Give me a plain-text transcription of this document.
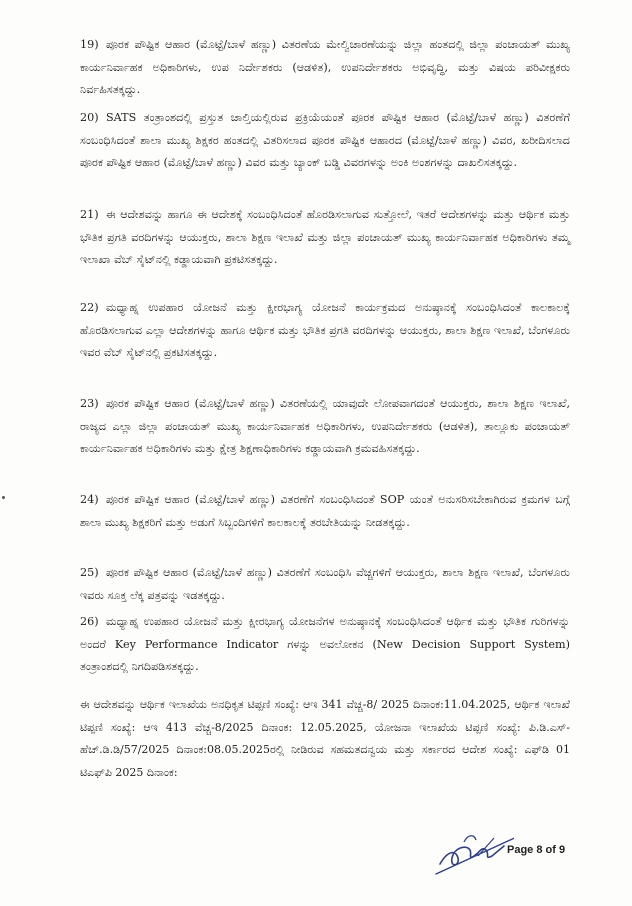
19) ಪೂರಕ ಪೌಷ್ಟಿಕ ಆಹಾರ (ಮೊಟ್ಟೆ/ಬಾಳೆ ಹಣ್ಣು) ವಿತರಣೆಯ ಮೇಲ್ವಿಚಾರಣೆಯನ್ನು ಜಿಲ್ಲಾ ಹಂತದಲ್ಲಿ ಜಿಲ್ಲಾ ಪಂಚಾಯತ್ ಮುಖ್ಯ ಕಾರ್ಯನಿರ್ವಾಹಕ ಅಧಿಕಾರಿಗಳು, ಉಪ ನಿರ್ದೇಶಕರು (ಆಡಳಿತ), ಉಪನಿರ್ದೇಶಕರು ಅಭಿವೃದ್ಧಿ, ಮತ್ತು ವಿಷಯ ಪರಿವೀಕ್ಷಕರು ನಿರ್ವಹಿಸತಕ್ಕದ್ದು.
20) SATS ತಂತ್ರಾಂಶದಲ್ಲಿ ಪ್ರಸ್ತುತ ಚಾಲ್ತಿಯಲ್ಲಿರುವ ಪ್ರಕ್ರಿಯೆಯಂತೆ ಪೂರಕ ಪೌಷ್ಟಿಕ ಆಹಾರ (ಮೊಟ್ಟೆ/ಬಾಳೆ ಹಣ್ಣು) ವಿತರಣೆಗೆ ಸಂಬಂಧಿಸಿದಂತೆ ಶಾಲಾ ಮುಖ್ಯ ಶಿಕ್ಷಕರ ಹಂತದಲ್ಲಿ ವಿತರಿಸಲಾದ ಪೂರಕ ಪೌಷ್ಟಿಕ ಆಹಾರದ (ಮೊಟ್ಟೆ/ಬಾಳೆ ಹಣ್ಣು) ವಿವರ, ಖರೀದಿಸಲಾದ ಪೂರಕ ಪೌಷ್ಟಿಕ ಆಹಾರ (ಮೊಟ್ಟೆ/ಬಾಳೆ ಹಣ್ಣು) ವಿವರ ಮತ್ತು ಬ್ಯಾಂಕ್ ಬಡ್ಡಿ ವಿವರಗಳನ್ನು ಅಂಕಿ ಅಂಶಗಳನ್ನು ದಾಖಲಿಸತಕ್ಕದ್ದು.
21) ಈ ಆದೇಶವನ್ನು ಹಾಗೂ ಈ ಆದೇಶಕ್ಕೆ ಸಂಬಂಧಿಸಿದಂತೆ ಹೊರಡಿಸಲಾಗುವ ಸುತ್ತೋಲೆ, ಇತರೆ ಆದೇಶಗಳನ್ನು ಮತ್ತು ಆರ್ಥಿಕ ಮತ್ತು ಭೌತಿಕ ಪ್ರಗತಿ ವರದಿಗಳನ್ನು ಆಯುಕ್ತರು, ಶಾಲಾ ಶಿಕ್ಷಣ ಇಲಾಖೆ ಮತ್ತು ಜಿಲ್ಲಾ ಪಂಚಾಯತ್ ಮುಖ್ಯ ಕಾರ್ಯನಿರ್ವಾಹಕ ಅಧಿಕಾರಿಗಳು ತಮ್ಮ ಇಲಾಖಾ ವೆಬ್ ಸೈಟ್‌ನಲ್ಲಿ ಕಡ್ಡಾಯವಾಗಿ ಪ್ರಕಟಿಸತಕ್ಕದ್ದು.
22) ಮಧ್ಯಾಹ್ನ ಉಪಹಾರ ಯೋಜನೆ ಮತ್ತು ಕ್ಷೀರಭಾಗ್ಯ ಯೋಜನೆ ಕಾರ್ಯಕ್ರಮದ ಅನುಷ್ಠಾನಕ್ಕೆ ಸಂಬಂಧಿಸಿದಂತೆ ಕಾಲಕಾಲಕ್ಕೆ ಹೊರಡಿಸಲಾಗುವ ಎಲ್ಲಾ ಆದೇಶಗಳನ್ನು ಹಾಗೂ ಆರ್ಥಿಕ ಮತ್ತು ಭೌತಿಕ ಪ್ರಗತಿ ವರದಿಗಳನ್ನು ಆಯುಕ್ತರು, ಶಾಲಾ ಶಿಕ್ಷಣ ಇಲಾಖೆ, ಬೆಂಗಳೂರು ಇವರ ವೆಬ್ ಸೈಟ್‌ನಲ್ಲಿ ಪ್ರಕಟಿಸತಕ್ಕದ್ದು.
23) ಪೂರಕ ಪೌಷ್ಟಿಕ ಆಹಾರ (ಮೊಟ್ಟೆ/ಬಾಳೆ ಹಣ್ಣು) ವಿತರಣೆಯಲ್ಲಿ ಯಾವುದೇ ಲೋಪವಾಗದಂತೆ ಆಯುಕ್ತರು, ಶಾಲಾ ಶಿಕ್ಷಣ ಇಲಾಖೆ, ರಾಜ್ಯದ ಎಲ್ಲಾ ಜಿಲ್ಲಾ ಪಂಚಾಯತ್ ಮುಖ್ಯ ಕಾರ್ಯನಿರ್ವಾಹಕ ಅಧಿಕಾರಿಗಳು, ಉಪನಿರ್ದೇಶಕರು (ಆಡಳಿತ), ತಾಲ್ಲೂಕು ಪಂಚಾಯತ್ ಕಾರ್ಯನಿರ್ವಾಹಕ ಅಧಿಕಾರಿಗಳು ಮತ್ತು ಕ್ಷೇತ್ರ ಶಿಕ್ಷಣಾಧಿಕಾರಿಗಳು ಕಡ್ಡಾಯವಾಗಿ ಕ್ರಮವಹಿಸತಕ್ಕದ್ದು.
24) ಪೂರಕ ಪೌಷ್ಟಿಕ ಆಹಾರ (ಮೊಟ್ಟೆ/ಬಾಳೆ ಹಣ್ಣು) ವಿತರಣೆಗೆ ಸಂಬಂಧಿಸಿದಂತೆ SOP ಯಂತೆ ಅನುಸರಿಸಬೇಕಾಗಿರುವ ಕ್ರಮಗಳ ಬಗ್ಗೆ ಶಾಲಾ ಮುಖ್ಯ ಶಿಕ್ಷಕರಿಗೆ ಮತ್ತು ಅಡುಗೆ ಸಿಬ್ಬಂದಿಗಳಿಗೆ ಕಾಲಕಾಲಕ್ಕೆ ತರಬೇತಿಯನ್ನು ನೀಡತಕ್ಕದ್ದು.
25) ಪೂರಕ ಪೌಷ್ಟಿಕ ಆಹಾರ (ಮೊಟ್ಟೆ/ಬಾಳೆ ಹಣ್ಣು) ವಿತರಣೆಗೆ ಸಂಬಂಧಿಸಿ ವೆಚ್ಚಗಳಿಗೆ ಆಯುಕ್ತರು, ಶಾಲಾ ಶಿಕ್ಷಣ ಇಲಾಖೆ, ಬೆಂಗಳೂರು ಇವರು ಸೂಕ್ತ ಲೆಕ್ಕ ಪತ್ರವನ್ನು ಇಡತಕ್ಕದ್ದು.
26) ಮಧ್ಯಾಹ್ನ ಉಪಹಾರ ಯೋಜನೆ ಮತ್ತು ಕ್ಷೀರಭಾಗ್ಯ ಯೋಜನೆಗಳ ಅನುಷ್ಠಾನಕ್ಕೆ ಸಂಬಂಧಿಸಿದಂತೆ ಆರ್ಥಿಕ ಮತ್ತು ಭೌತಿಕ ಗುರಿಗಳನ್ನು ಅಂದರೆ Key Performance Indicator ಗಳನ್ನು ಅವಲೋಕನ (New Decision Support System) ತಂತ್ರಾಂಶದಲ್ಲಿ ನಿಗದಿಪಡಿಸತಕ್ಕದ್ದು.
ಈ ಆದೇಶವನ್ನು ಆರ್ಥಿಕ ಇಲಾಖೆಯ ಅನಧಿಕೃತ ಟಿಪ್ಪಣಿ ಸಂಖ್ಯೆ: ಆಇ 341 ವೆಚ್ಚ-8/ 2025 ದಿನಾಂಕ:11.04.2025, ಆರ್ಥಿಕ ಇಲಾಖೆ ಟಿಪ್ಪಣಿ ಸಂಖ್ಯೆ: ಆಇ 413 ವೆಚ್ಚ-8/2025 ದಿನಾಂಕ: 12.05.2025, ಯೋಜನಾ ಇಲಾಖೆಯ ಟಿಪ್ಪಣಿ ಸಂಖ್ಯೆ: ಪಿ.ಡಿ.ಎಸ್- ಹೆಚ್.ಡಿ.ಡಿ/57/2025 ದಿನಾಂಕ:08.05.2025ರಲ್ಲಿ ನೀಡಿರುವ ಸಹಮತದನ್ವಯ ಮತ್ತು ಸರ್ಕಾರದ ಆದೇಶ ಸಂಖ್ಯೆ: ಎಫ್‌ಡಿ 01 ಟಿಎಫ್‌ಪಿ 2025 ದಿನಾಂಕ:
Page 8 of 9
